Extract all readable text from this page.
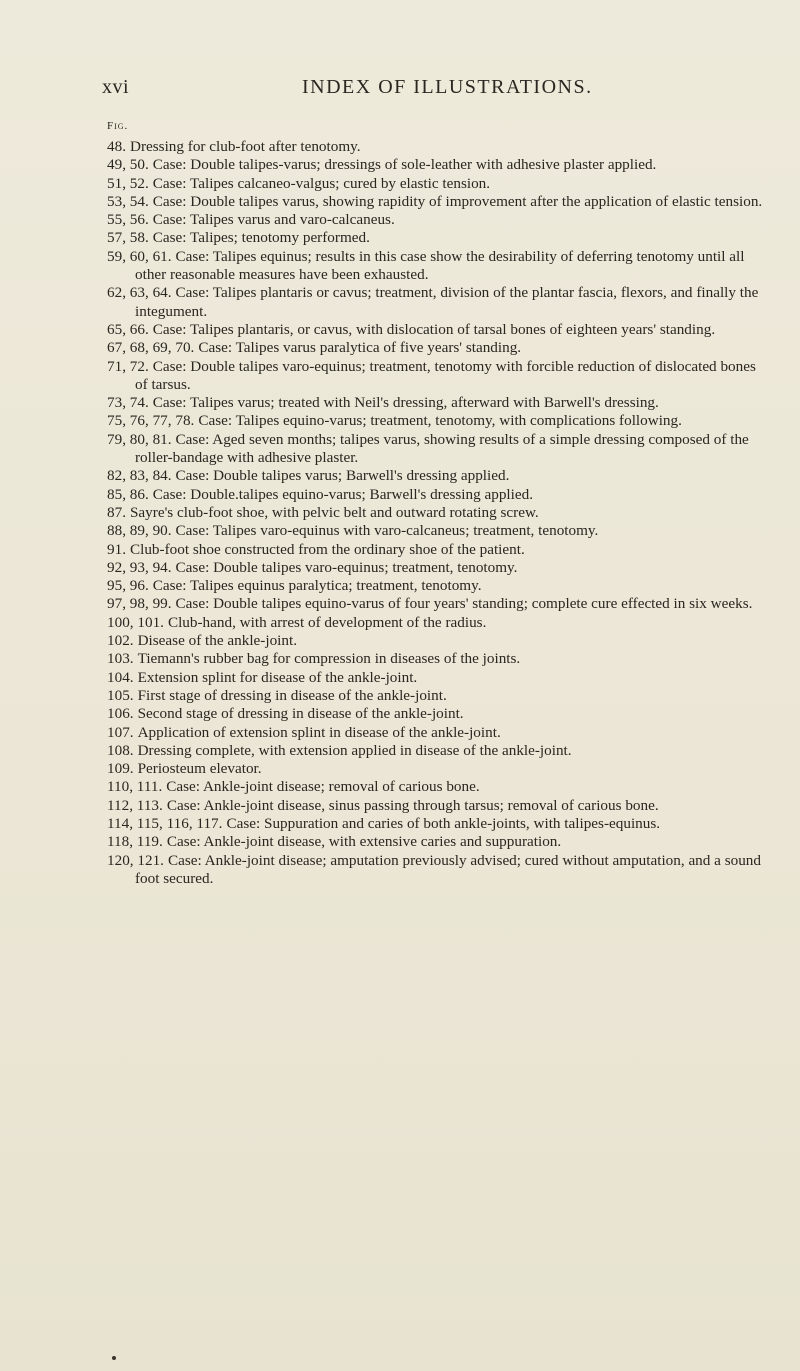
xvi	INDEX OF ILLUSTRATIONS.
Fig.
48. Dressing for club-foot after tenotomy.
49, 50. Case: Double talipes-varus; dressings of sole-leather with adhesive plaster applied.
51, 52. Case: Talipes calcaneo-valgus; cured by elastic tension.
53, 54. Case: Double talipes varus, showing rapidity of improvement after the application of elastic tension.
55, 56. Case: Talipes varus and varo-calcaneus.
57, 58. Case: Talipes; tenotomy performed.
59, 60, 61. Case: Talipes equinus; results in this case show the desirability of deferring tenotomy until all other reasonable measures have been exhausted.
62, 63, 64. Case: Talipes plantaris or cavus; treatment, division of the plantar fascia, flexors, and finally the integument.
65, 66. Case: Talipes plantaris, or cavus, with dislocation of tarsal bones of eighteen years' standing.
67, 68, 69, 70. Case: Talipes varus paralytica of five years' standing.
71, 72. Case: Double talipes varo-equinus; treatment, tenotomy with forcible reduction of dislocated bones of tarsus.
73, 74. Case: Talipes varus; treated with Neil's dressing, afterward with Barwell's dressing.
75, 76, 77, 78. Case: Talipes equino-varus; treatment, tenotomy, with complications following.
79, 80, 81. Case: Aged seven months; talipes varus, showing results of a simple dressing composed of the roller-bandage with adhesive plaster.
82, 83, 84. Case: Double talipes varus; Barwell's dressing applied.
85, 86. Case: Double.talipes equino-varus; Barwell's dressing applied.
87. Sayre's club-foot shoe, with pelvic belt and outward rotating screw.
88, 89, 90. Case: Talipes varo-equinus with varo-calcaneus; treatment, tenotomy.
91. Club-foot shoe constructed from the ordinary shoe of the patient.
92, 93, 94. Case: Double talipes varo-equinus; treatment, tenotomy.
95, 96. Case: Talipes equinus paralytica; treatment, tenotomy.
97, 98, 99. Case: Double talipes equino-varus of four years' standing; complete cure effected in six weeks.
100, 101. Club-hand, with arrest of development of the radius.
102. Disease of the ankle-joint.
103. Tiemann's rubber bag for compression in diseases of the joints.
104. Extension splint for disease of the ankle-joint.
105. First stage of dressing in disease of the ankle-joint.
106. Second stage of dressing in disease of the ankle-joint.
107. Application of extension splint in disease of the ankle-joint.
108. Dressing complete, with extension applied in disease of the ankle-joint.
109. Periosteum elevator.
110, 111. Case: Ankle-joint disease; removal of carious bone.
112, 113. Case: Ankle-joint disease, sinus passing through tarsus; removal of carious bone.
114, 115, 116, 117. Case: Suppuration and caries of both ankle-joints, with talipes-equinus.
118, 119. Case: Ankle-joint disease, with extensive caries and suppuration.
120, 121. Case: Ankle-joint disease; amputation previously advised; cured without amputation, and a sound foot secured.
